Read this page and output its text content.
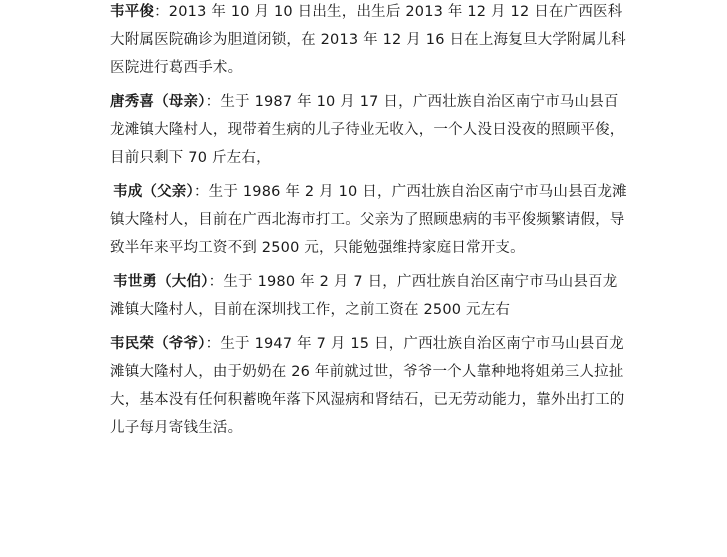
韦平俊：2013 年 10 月 10 日出生，出生后 2013 年 12 月 12 日在广西医科大附属医院确诊为胆道闭锁，在 2013 年 12 月 16 日在上海复旦大学附属儿科医院进行葛西手术。

唐秀喜（母亲）：生于 1987 年 10 月 17 日，广西壮族自治区南宁市马山县百龙滩镇大隆村人，现带着生病的儿子待业无收入，一个人没日没夜的照顾平俊，目前只剩下 70 斤左右，

韦成（父亲）：生于 1986 年 2 月 10 日，广西壮族自治区南宁市马山县百龙滩镇大隆村人，目前在广西北海市打工。父亲为了照顾患病的韦平俊频繁请假，导致半年来平均工资不到 2500 元，只能勉强维持家庭日常开支。

韦世勇（大伯）：生于 1980 年 2 月 7 日，广西壮族自治区南宁市马山县百龙滩镇大隆村人，目前在深圳找工作，之前工资在 2500 元左右

韦民荣（爷爷）：生于 1947 年 7 月 15 日，广西壮族自治区南宁市马山县百龙滩镇大隆村人，由于奶奶在 26 年前就过世，爷爷一个人靠种地将姐弟三人拉扯大，基本没有任何积蓄晚年落下风湿病和肾结石，已无劳动能力，靠外出打工的儿子每月寄钱生活。
